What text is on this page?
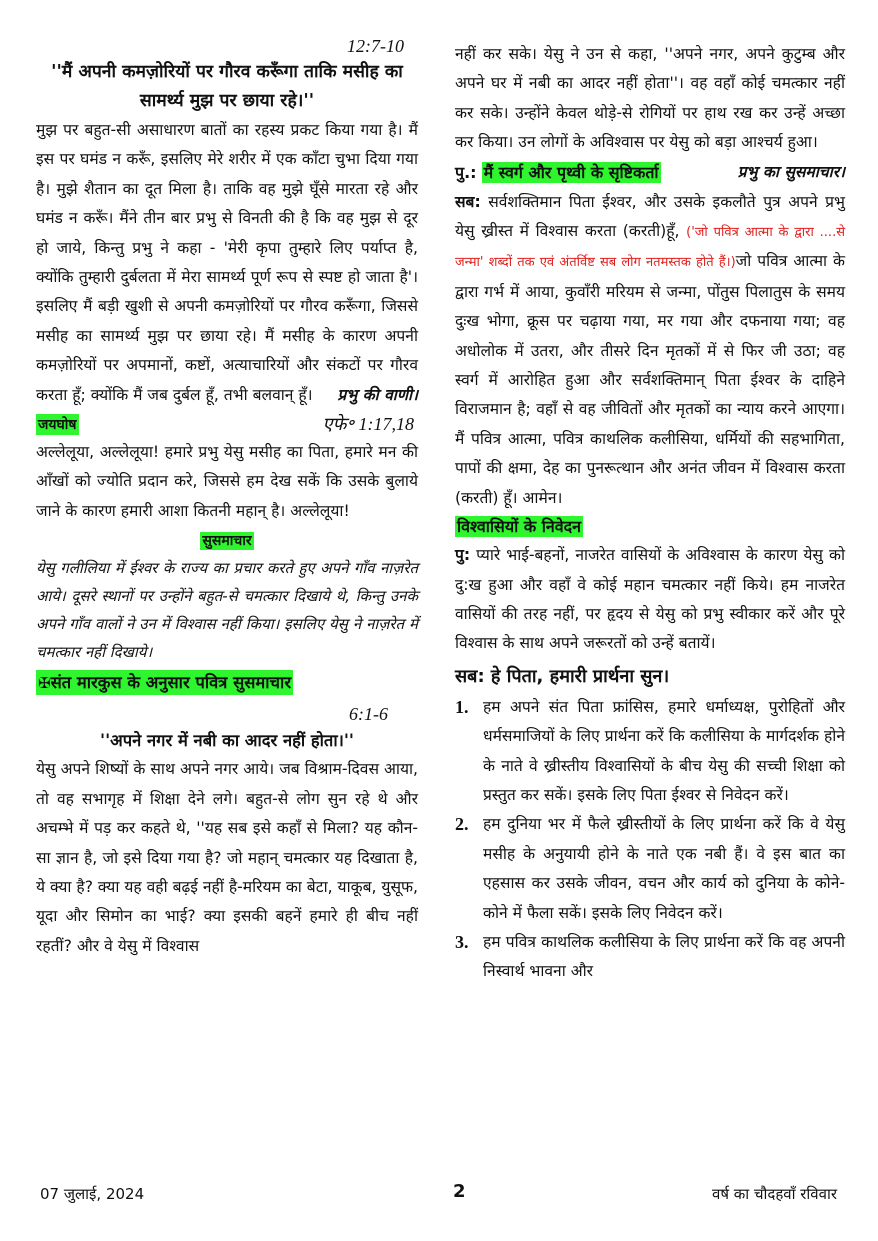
12:7-10
''मैं अपनी कमज़ोरियों पर गौरव करूँगा ताकि मसीह का सामर्थ्य मुझ पर छाया रहे।''

मुझ पर बहुत-सी असाधारण बातों का रहस्य प्रकट किया गया है। मैं इस पर घमंड न करूँ, इसलिए मेरे शरीर में एक काँटा चुभा दिया गया है। मुझे शैतान का दूत मिला है। ताकि वह मुझे घूँसे मारता रहे और घमंड न करूँ। मैंने तीन बार प्रभु से विनती की है कि वह मुझ से दूर हो जाये, किन्तु प्रभु ने कहा - 'मेरी कृपा तुम्हारे लिए पर्याप्त है, क्योंकि तुम्हारी दुर्बलता में मेरा सामर्थ्य पूर्ण रूप से स्पष्ट हो जाता है'। इसलिए मैं बड़ी खुशी से अपनी कमज़ोरियों पर गौरव करूँगा, जिससे मसीह का सामर्थ्य मुझ पर छाया रहे। मैं मसीह के कारण अपनी कमज़ोरियों पर अपमानों, कष्टों, अत्याचारियों और संकटों पर गौरव करता हूँ; क्योंकि मैं जब दुर्बल हूँ, तभी बलवान् हूँ। प्रभु की वाणी।

जयघोष	एफे॰ 1:17,18

अल्लेलूया, अल्लेलूया! हमारे प्रभु येसु मसीह का पिता, हमारे मन की आँखों को ज्योति प्रदान करे, जिससे हम देख सकें कि उसके बुलाये जाने के कारण हमारी आशा कितनी महान् है। अल्लेलूया!

सुसमाचार

येसु गलीलिया में ईश्वर के राज्य का प्रचार करते हुए अपने गाँव नाज़रेत आये। दूसरे स्थानों पर उन्होंने बहुत-से चमत्कार दिखाये थे, किन्तु उनके अपने गाँव वालों ने उन में विश्वास नहीं किया। इसलिए येसु ने नाज़रेत में चमत्कार नहीं दिखाये।

✠संत मारकुस के अनुसार पवित्र सुसमाचार
6:1-6
''अपने नगर में नबी का आदर नहीं होता।''

येसु अपने शिष्यों के साथ अपने नगर आये। जब विश्राम-दिवस आया, तो वह सभागृह में शिक्षा देने लगे। बहुत-से लोग सुन रहे थे और अचम्भे में पड़ कर कहते थे, ''यह सब इसे कहाँ से मिला? यह कौन-सा ज्ञान है, जो इसे दिया गया है? जो महान् चमत्कार यह दिखाता है, ये क्या है? क्या यह वही बढ़ई नहीं है-मरियम का बेटा, याकूब, युसूफ, यूदा और सिमोन का भाई? क्या इसकी बहनें हमारे ही बीच नहीं रहतीं? और वे येसु में विश्वास

नहीं कर सके। येसु ने उन से कहा, ''अपने नगर, अपने कुटुम्ब और अपने घर में नबी का आदर नहीं होता''। वह वहाँ कोई चमत्कार नहीं कर सके। उन्होंने केवल थोड़े-से रोगियों पर हाथ रख कर उन्हें अच्छा कर किया। उन लोगों के अविश्वास पर येसु को बड़ा आश्चर्य हुआ।
प्रभु का सुसमाचार।

पु.: मैं स्वर्ग और पृथ्वी के सृष्टिकर्ता

सब: सर्वशक्तिमान पिता ईश्वर, और उसके इकलौते पुत्र अपने प्रभु येसु ख्रीस्त में विश्वास करता (करती)हूँ, ('जो पवित्र आत्मा के द्वारा ....से जन्मा' शब्दों तक एवं अंतर्विष्ट सब लोग नतमस्तक होते हैं।)जो पवित्र आत्मा के द्वारा गर्भ में आया, कुवाँरी मरियम से जन्मा, पोंतुस पिलातुस के समय दुःख भोगा, क्रूस पर चढ़ाया गया, मर गया और दफनाया गया; वह अधोलोक में उतरा, और तीसरे दिन मृतकों में से फिर जी उठा; वह स्वर्ग में आरोहित हुआ और सर्वशक्तिमान् पिता ईश्वर के दाहिने विराजमान है; वहाँ से वह जीवितों और मृतकों का न्याय करने आएगा। मैं पवित्र आत्मा, पवित्र काथलिक कलीसिया, धर्मियों की सहभागिता, पापों की क्षमा, देह का पुनरूत्थान और अनंत जीवन में विश्वास करता (करती) हूँ। आमेन।

विश्वासियों के निवेदन

पु: प्यारे भाई-बहनों, नाजरेत वासियों के अविश्वास के कारण येसु को दु:ख हुआ और वहाँ वे कोई महान चमत्कार नहीं किये। हम नाजरेत वासियों की तरह नहीं, पर हृदय से येसु को प्रभु स्वीकार करें और पूरे विश्वास के साथ अपने जरूरतों को उन्हें बतायें।

सब: हे पिता, हमारी प्रार्थना सुन।
1. हम अपने संत पिता फ्रांसिस, हमारे धर्माध्यक्ष, पुरोहितों और धर्मसमाजियों के लिए प्रार्थना करें कि कलीसिया के मार्गदर्शक होने के नाते वे ख्रीस्तीय विश्वासियों के बीच येसु की सच्ची शिक्षा को प्रस्तुत कर सकें। इसके लिए पिता ईश्वर से निवेदन करें।

2. हम दुनिया भर में फैले ख्रीस्तीयों के लिए प्रार्थना करें कि वे येसु मसीह के अनुयायी होने के नाते एक नबी हैं। वे इस बात का एहसास कर उसके जीवन, वचन और कार्य को दुनिया के कोने-कोने में फैला सकें। इसके लिए निवेदन करें।

3. हम पवित्र काथलिक कलीसिया के लिए प्रार्थना करें कि वह अपनी निस्वार्थ भावना और

07 जुलाई, 2024	2	वर्ष का चौदहवाँ रविवार
